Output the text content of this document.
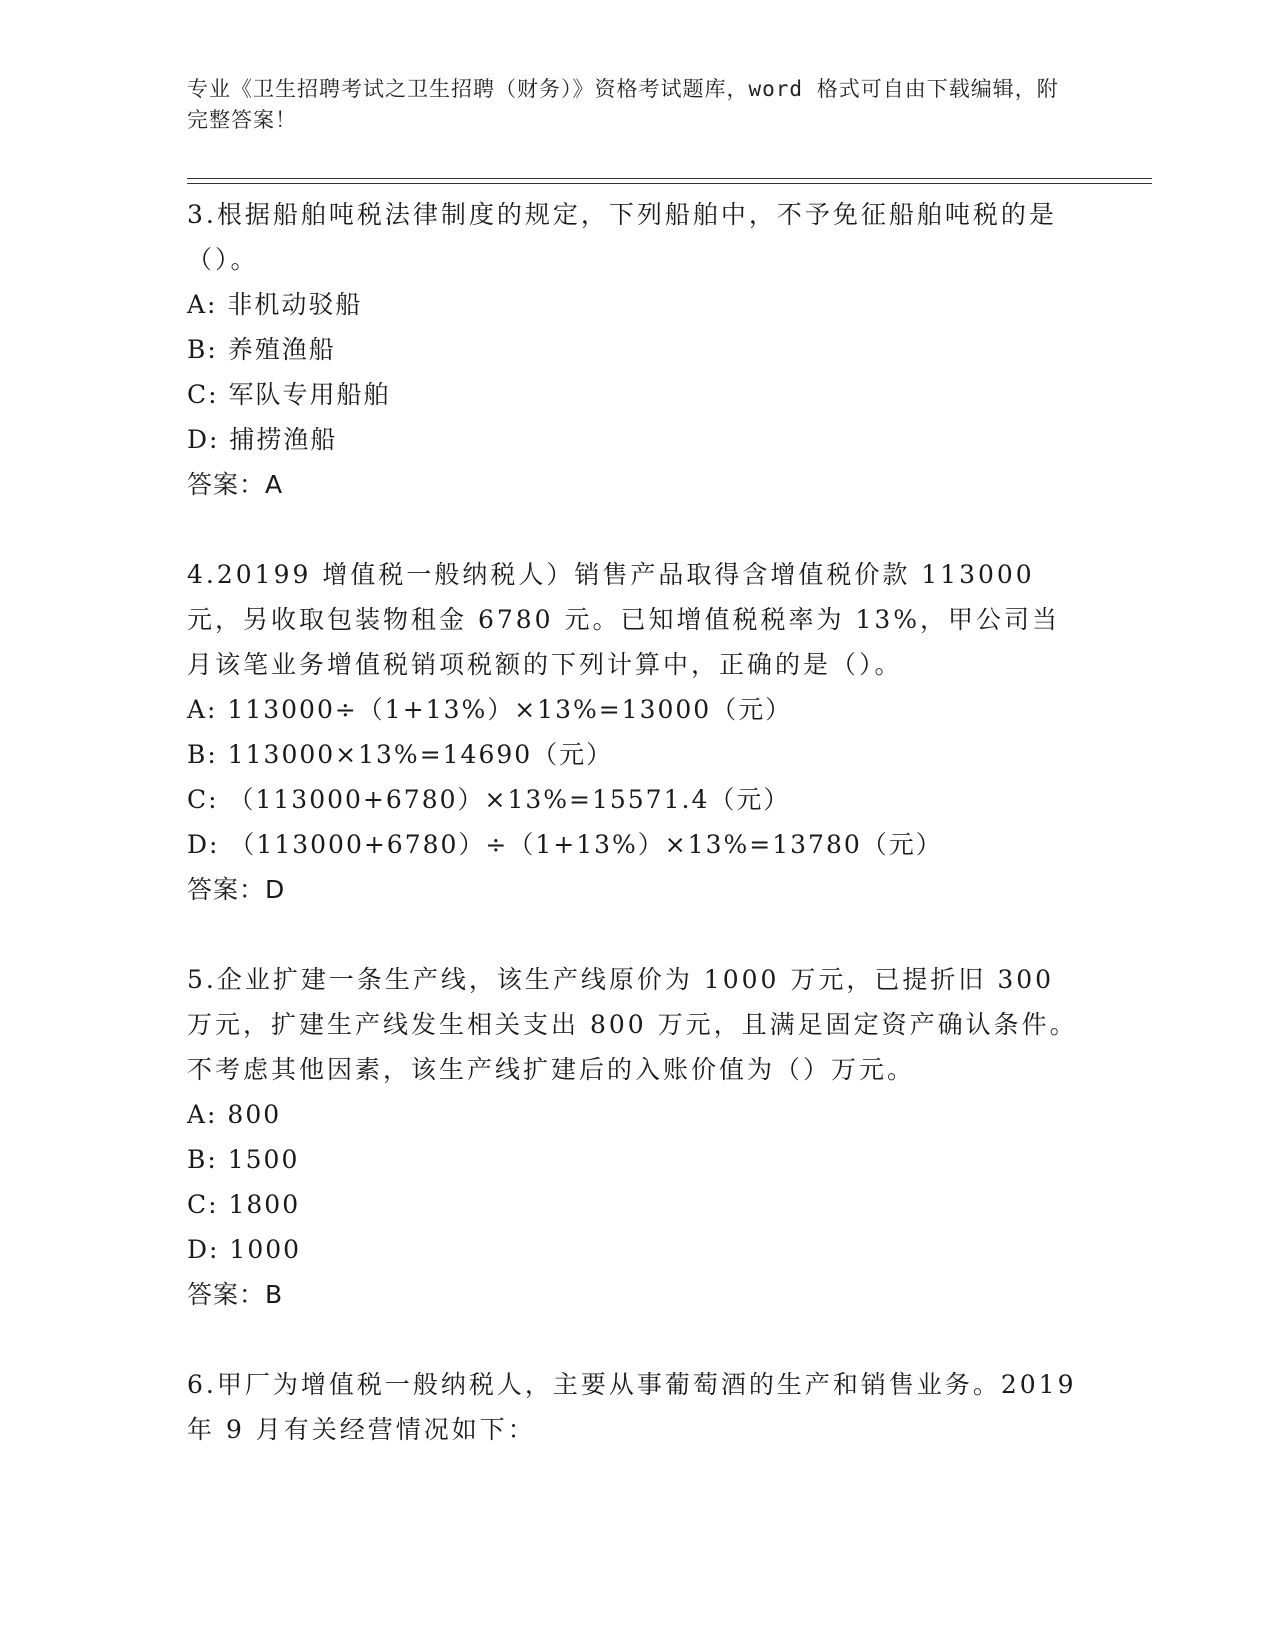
专业《卫生招聘考试之卫生招聘（财务）》资格考试题库，word 格式可自由下载编辑，附完整答案！

3.根据船舶吨税法律制度的规定，下列船舶中，不予免征船舶吨税的是（）。

A: 非机动驳船

B: 养殖渔船

C: 军队专用船舶

D: 捕捞渔船

答案：A

4.20199 增值税一般纳税人）销售产品取得含增值税价款 113000 元，另收取包装物租金 6780 元。已知增值税税率为 13%，甲公司当月该笔业务增值税销项税额的下列计算中，正确的是（）。

A: 113000÷（1+13%）×13%=13000（元）

B: 113000×13%=14690（元）

C: （113000+6780）×13%=15571.4（元）

D: （113000+6780）÷（1+13%）×13%=13780（元）

答案：D

5.企业扩建一条生产线，该生产线原价为 1000 万元，已提折旧 300 万元，扩建生产线发生相关支出 800 万元，且满足固定资产确认条件。不考虑其他因素，该生产线扩建后的入账价值为（）万元。

A: 800

B: 1500

C: 1800

D: 1000

答案：B

6.甲厂为增值税一般纳税人，主要从事葡萄酒的生产和销售业务。2019 年 9 月有关经营情况如下：
